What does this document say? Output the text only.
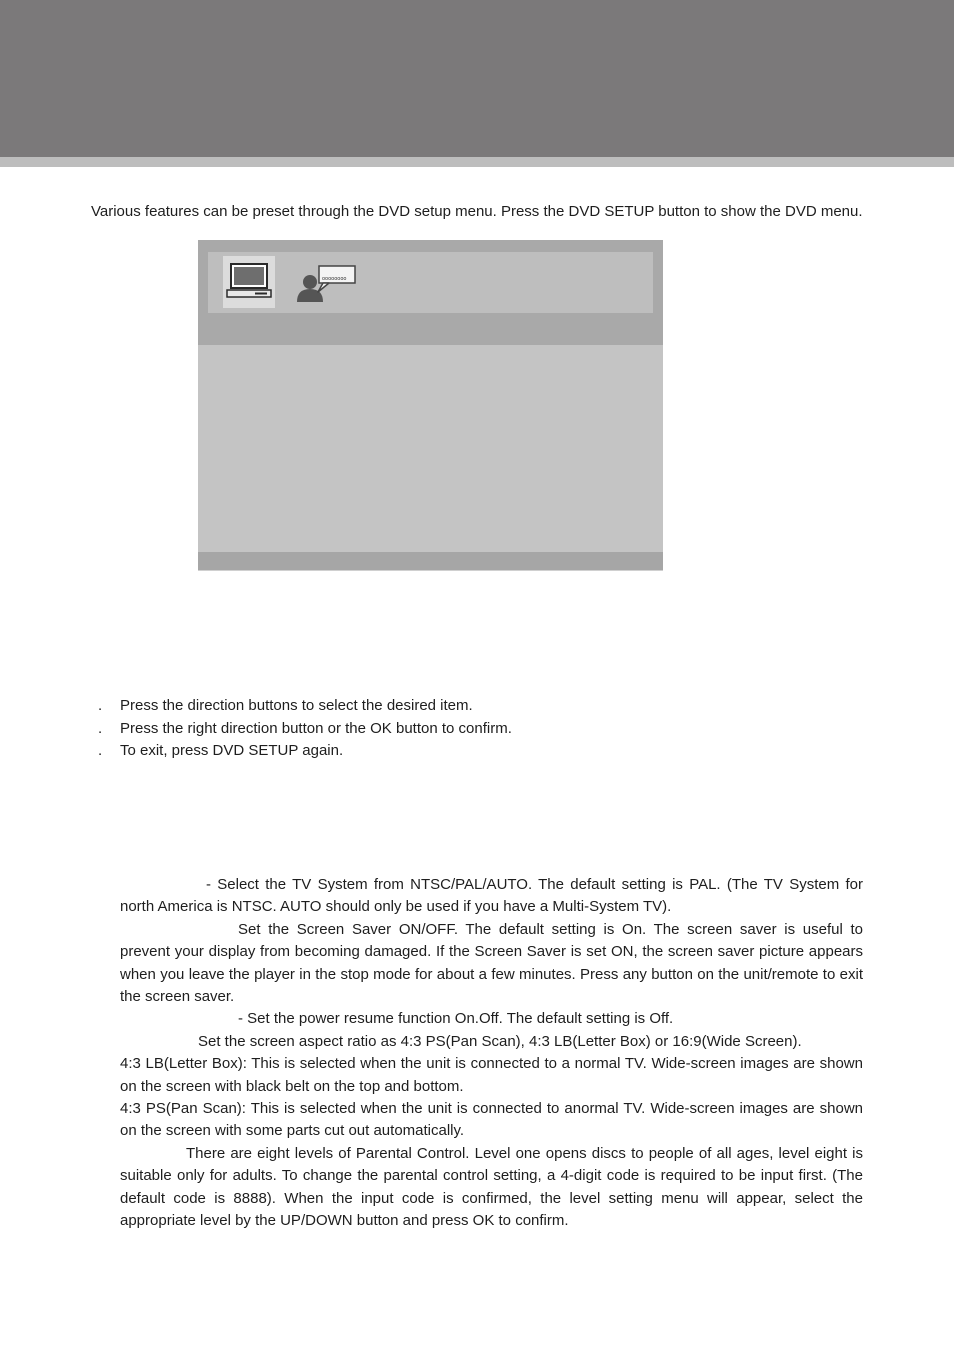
Various features can be preset through the DVD setup menu. Press the DVD SETUP button to show the DVD menu.
oooooooo
. Press the direction buttons to select the desired item.
. Press the right direction button or the OK button to confirm.
. To exit, press DVD SETUP again.

- Select the TV System from NTSC/PAL/AUTO. The default setting is PAL. (The TV System for north America is NTSC. AUTO should only be used if you have a Multi-System TV).

Set the Screen Saver ON/OFF. The default setting is On. The screen saver is useful to prevent your display from becoming damaged. If the Screen Saver is set ON, the screen saver picture appears when you leave the player in the stop mode for about a few minutes. Press any button on the unit/remote to exit the screen saver.

- Set the power resume function On.Off. The default setting is Off.

Set the screen aspect ratio as 4:3 PS(Pan Scan), 4:3 LB(Letter Box) or 16:9(Wide Screen).

4:3 LB(Letter Box): This is selected when the unit is connected to a normal TV. Wide-screen images are shown on the screen with black belt on the top and bottom.

4:3 PS(Pan Scan): This is selected when the unit is connected to anormal TV. Wide-screen images are shown on the screen with some parts cut out automatically.

There are eight levels of Parental Control. Level one opens discs to people of all ages, level eight is suitable only for adults. To change the parental control setting, a 4-digit code is required to be input first. (The default code is 8888). When the input code is confirmed, the level setting menu will appear, select the appropriate level by the UP/DOWN button and press OK to confirm.
